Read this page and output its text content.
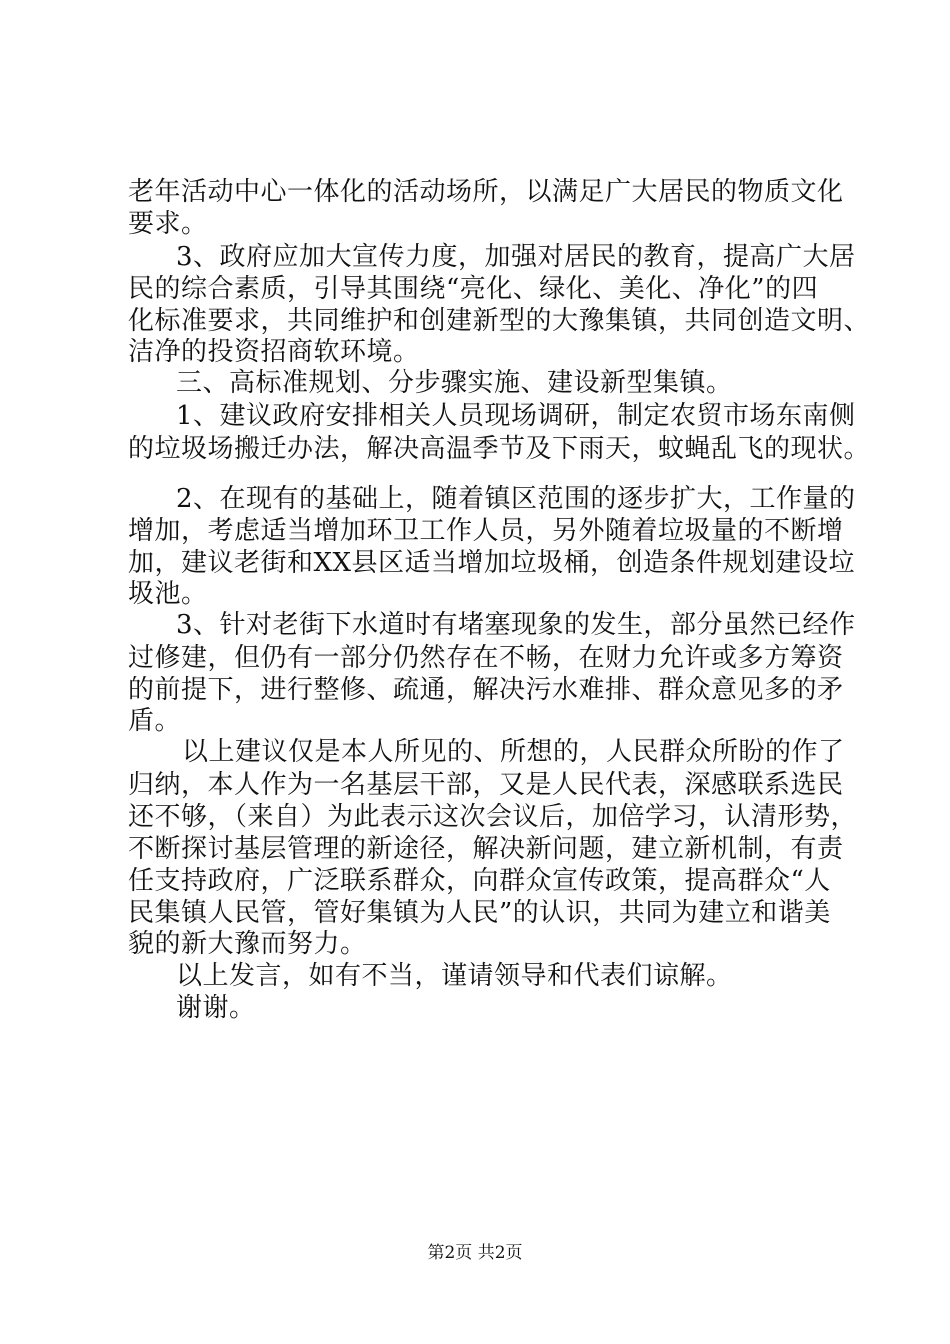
老年活动中心一体化的活动场所，以满足广大居民的物质文化
要求。
3、政府应加大宣传力度，加强对居民的教育，提高广大居
民的综合素质，引导其围绕“亮化、绿化、美化、净化”的四
化标准要求，共同维护和创建新型的大豫集镇，共同创造文明、
洁净的投资招商软环境。
三、高标准规划、分步骤实施、建设新型集镇。
1、建议政府安排相关人员现场调研，制定农贸市场东南侧
的垃圾场搬迁办法，解决高温季节及下雨天，蚊蝇乱飞的现状。
2、在现有的基础上，随着镇区范围的逐步扩大，工作量的
增加，考虑适当增加环卫工作人员，另外随着垃圾量的不断增
加，建议老街和XX县区适当增加垃圾桶，创造条件规划建设垃
圾池。
3、针对老街下水道时有堵塞现象的发生，部分虽然已经作
过修建，但仍有一部分仍然存在不畅，在财力允许或多方筹资
的前提下，进行整修、疏通，解决污水难排、群众意见多的矛
盾。
以上建议仅是本人所见的、所想的，人民群众所盼的作了
归纳，本人作为一名基层干部，又是人民代表，深感联系选民
还不够，（来自）为此表示这次会议后，加倍学习，认清形势，
不断探讨基层管理的新途径，解决新问题，建立新机制，有责
任支持政府，广泛联系群众，向群众宣传政策，提高群众“人
民集镇人民管，管好集镇为人民”的认识，共同为建立和谐美
貌的新大豫而努力。
以上发言，如有不当，谨请领导和代表们谅解。
谢谢。
第2页 共2页
